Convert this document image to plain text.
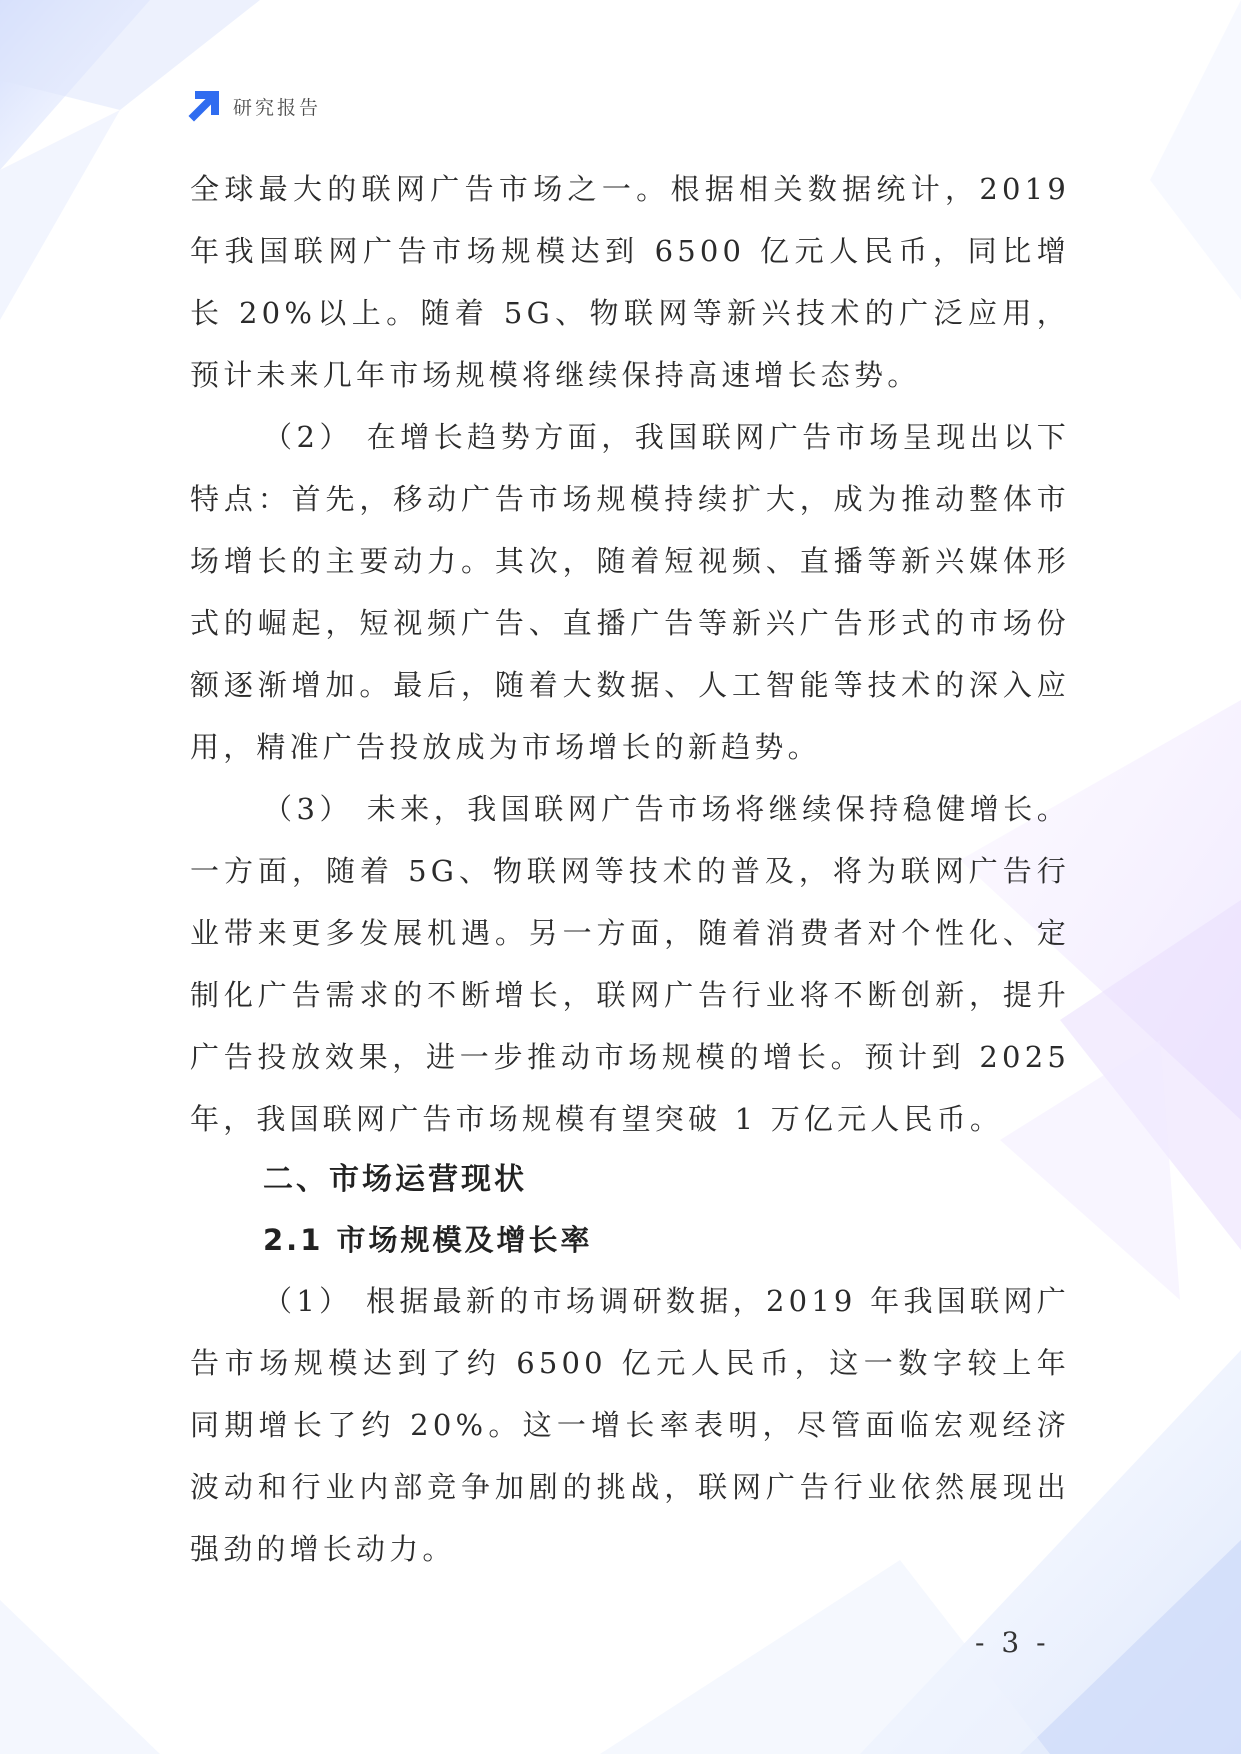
研究报告

全球最大的联网广告市场之一。根据相关数据统计，2019 年我国联网广告市场规模达到 6500 亿元人民币，同比增长 20%以上。随着 5G、物联网等新兴技术的广泛应用，预计未来几年市场规模将继续保持高速增长态势。

（2） 在增长趋势方面，我国联网广告市场呈现出以下特点：首先，移动广告市场规模持续扩大，成为推动整体市场增长的主要动力。其次，随着短视频、直播等新兴媒体形式的崛起，短视频广告、直播广告等新兴广告形式的市场份额逐渐增加。最后，随着大数据、人工智能等技术的深入应用，精准广告投放成为市场增长的新趋势。

（3） 未来，我国联网广告市场将继续保持稳健增长。一方面，随着 5G、物联网等技术的普及，将为联网广告行业带来更多发展机遇。另一方面，随着消费者对个性化、定制化广告需求的不断增长，联网广告行业将不断创新，提升广告投放效果，进一步推动市场规模的增长。预计到 2025 年，我国联网广告市场规模有望突破 1 万亿元人民币。

二、市场运营现状
2.1 市场规模及增长率

（1） 根据最新的市场调研数据，2019 年我国联网广告市场规模达到了约 6500 亿元人民币，这一数字较上年同期增长了约 20%。这一增长率表明，尽管面临宏观经济波动和行业内部竞争加剧的挑战，联网广告行业依然展现出强劲的增长动力。

- 3 -
